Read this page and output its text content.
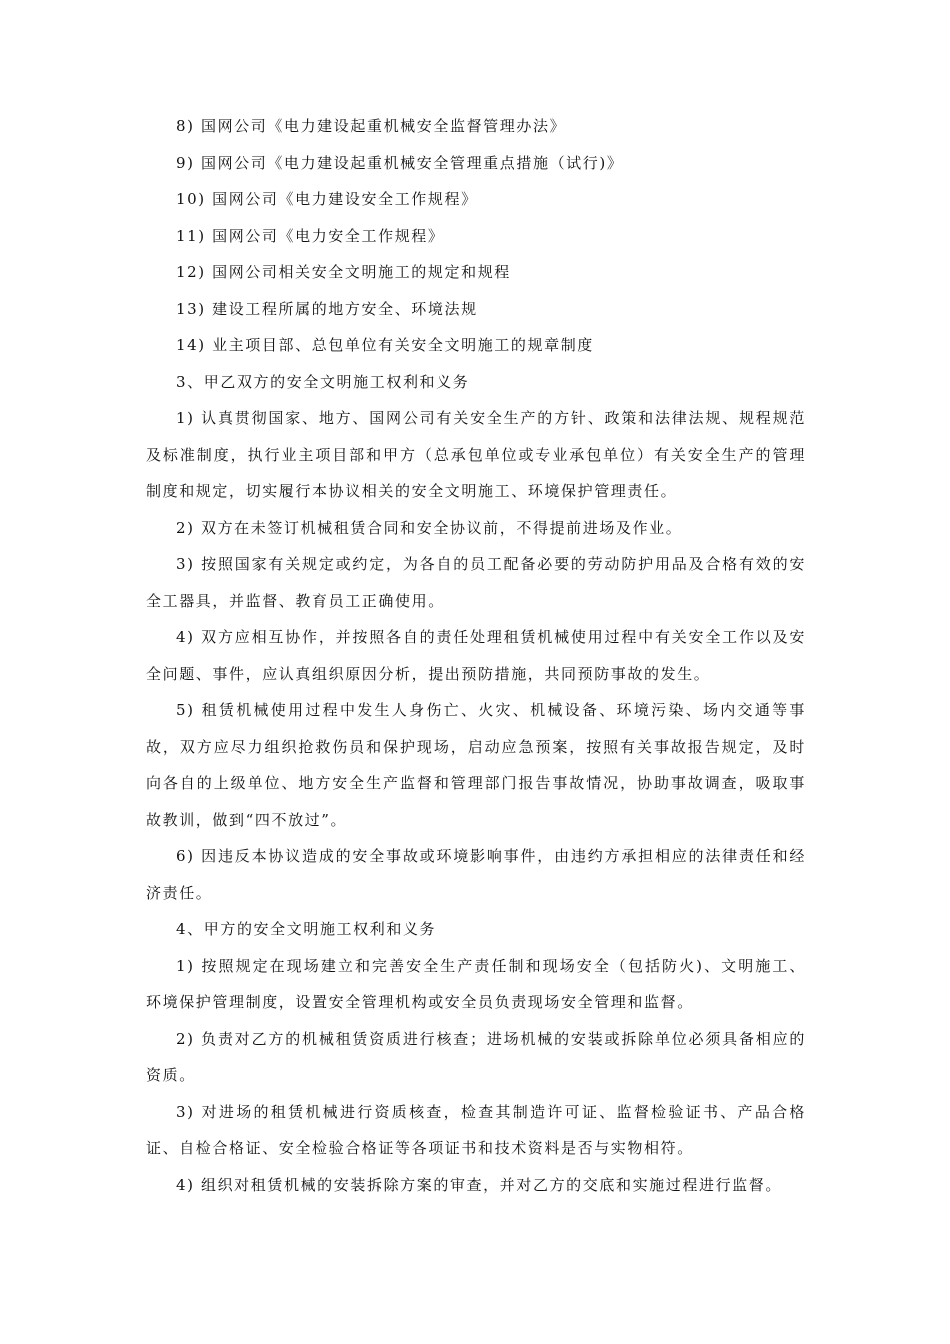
8) 国网公司《电力建设起重机械安全监督管理办法》

9) 国网公司《电力建设起重机械安全管理重点措施（试行)》

10) 国网公司《电力建设安全工作规程》

11) 国网公司《电力安全工作规程》

12) 国网公司相关安全文明施工的规定和规程

13) 建设工程所属的地方安全、环境法规

14) 业主项目部、总包单位有关安全文明施工的规章制度

3、甲乙双方的安全文明施工权利和义务

1) 认真贯彻国家、地方、国网公司有关安全生产的方针、政策和法律法规、规程规范及标准制度，执行业主项目部和甲方（总承包单位或专业承包单位）有关安全生产的管理制度和规定，切实履行本协议相关的安全文明施工、环境保护管理责任。

2) 双方在未签订机械租赁合同和安全协议前，不得提前进场及作业。

3) 按照国家有关规定或约定，为各自的员工配备必要的劳动防护用品及合格有效的安全工器具，并监督、教育员工正确使用。

4) 双方应相互协作，并按照各自的责任处理租赁机械使用过程中有关安全工作以及安全问题、事件，应认真组织原因分析，提出预防措施，共同预防事故的发生。

5) 租赁机械使用过程中发生人身伤亡、火灾、机械设备、环境污染、场内交通等事故，双方应尽力组织抢救伤员和保护现场，启动应急预案，按照有关事故报告规定，及时向各自的上级单位、地方安全生产监督和管理部门报告事故情况，协助事故调查，吸取事故教训，做到“四不放过”。

6) 因违反本协议造成的安全事故或环境影响事件，由违约方承担相应的法律责任和经济责任。

4、甲方的安全文明施工权利和义务

1) 按照规定在现场建立和完善安全生产责任制和现场安全（包括防火)、文明施工、环境保护管理制度，设置安全管理机构或安全员负责现场安全管理和监督。

2) 负责对乙方的机械租赁资质进行核查；进场机械的安装或拆除单位必须具备相应的资质。

3) 对进场的租赁机械进行资质核查，检查其制造许可证、监督检验证书、产品合格证、自检合格证、安全检验合格证等各项证书和技术资料是否与实物相符。

4) 组织对租赁机械的安装拆除方案的审查，并对乙方的交底和实施过程进行监督。
